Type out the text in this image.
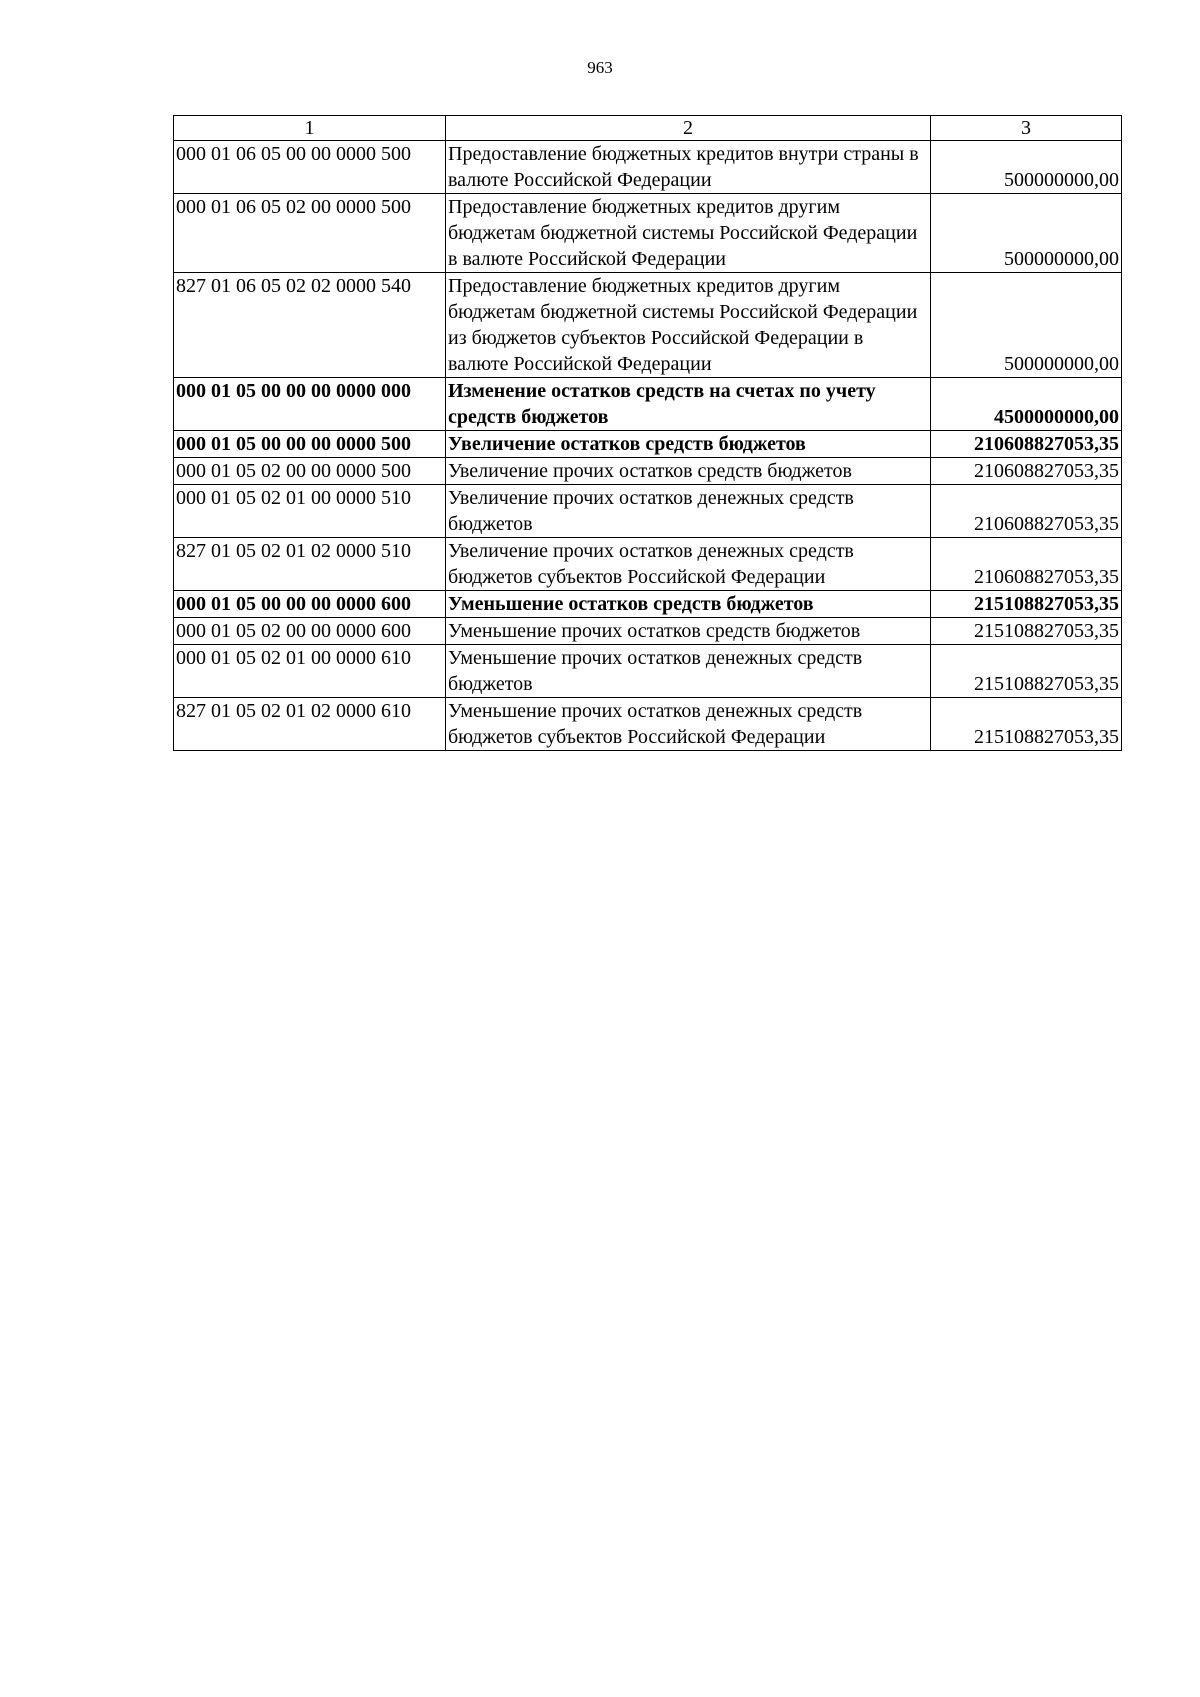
963
1	2	3
000 01 06 05 00 00 0000 500	Предоставление бюджетных кредитов внутри страны в валюте Российской Федерации	500000000,00
000 01 06 05 02 00 0000 500	Предоставление бюджетных кредитов другим бюджетам бюджетной системы Российской Федерации в валюте Российской Федерации	500000000,00
827 01 06 05 02 02 0000 540	Предоставление бюджетных кредитов другим бюджетам бюджетной системы Российской Федерации из бюджетов субъектов Российской Федерации в валюте Российской Федерации	500000000,00
000 01 05 00 00 00 0000 000	Изменение остатков средств на счетах по учету средств бюджетов	4500000000,00
000 01 05 00 00 00 0000 500	Увеличение остатков средств бюджетов	210608827053,35
000 01 05 02 00 00 0000 500	Увеличение прочих остатков средств бюджетов	210608827053,35
000 01 05 02 01 00 0000 510	Увеличение прочих остатков денежных средств бюджетов	210608827053,35
827 01 05 02 01 02 0000 510	Увеличение прочих остатков денежных средств бюджетов субъектов Российской Федерации	210608827053,35
000 01 05 00 00 00 0000 600	Уменьшение остатков средств бюджетов	215108827053,35
000 01 05 02 00 00 0000 600	Уменьшение прочих остатков средств бюджетов	215108827053,35
000 01 05 02 01 00 0000 610	Уменьшение прочих остатков денежных средств бюджетов	215108827053,35
827 01 05 02 01 02 0000 610	Уменьшение прочих остатков денежных средств бюджетов субъектов Российской Федерации	215108827053,35
